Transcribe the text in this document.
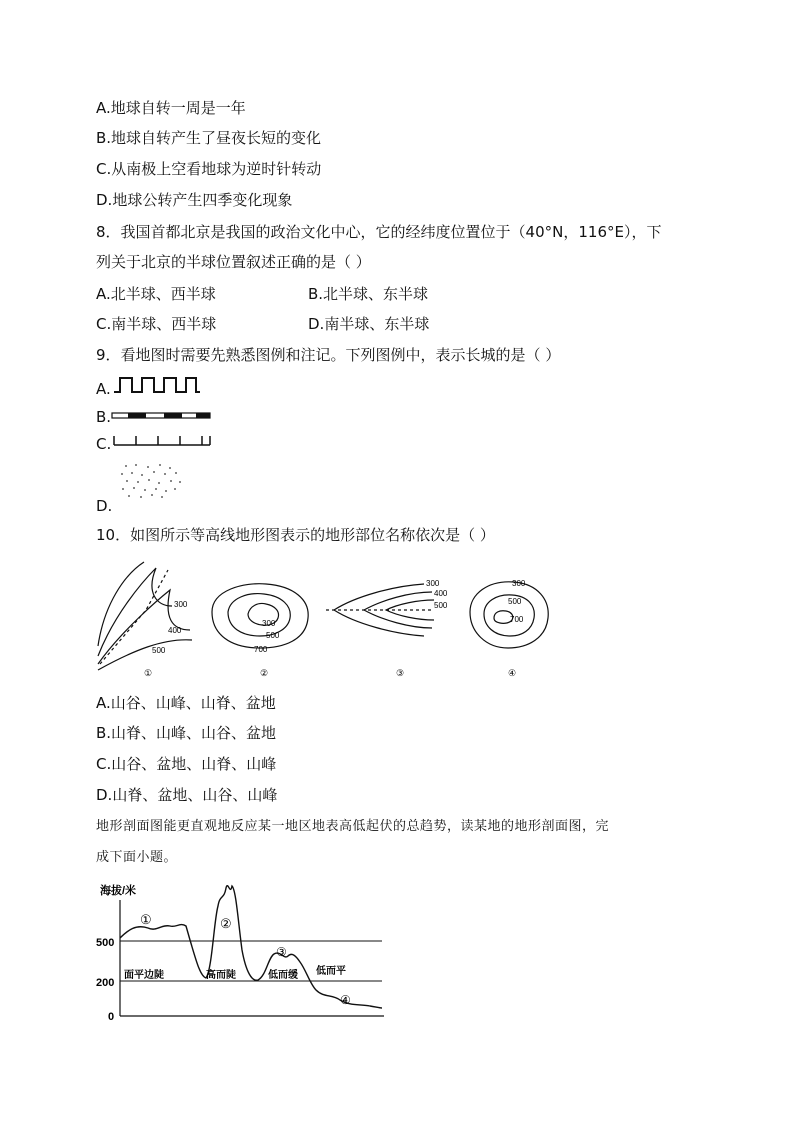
A.地球自转一周是一年
B.地球自转产生了昼夜长短的变化
C.从南极上空看地球为逆时针转动
D.地球公转产生四季变化现象
8．我国首都北京是我国的政治文化中心，它的经纬度位置位于（40°N，116°E），下
列关于北京的半球位置叙述正确的是（ ）
A.北半球、西半球	B.北半球、东半球
C.南半球、西半球	D.南半球、东半球
9．看地图时需要先熟悉图例和注记。下列图例中，表示长城的是（ ）
A.
B.
C.
D.
10．如图所示等高线地形图表示的地形部位名称依次是（ ）
300
400
500
①
300
500
700
②
300
400
500
③
300
500
700
④
A.山谷、山峰、山脊、盆地
B.山脊、山峰、山谷、盆地
C.山谷、盆地、山脊、山峰
D.山脊、盆地、山谷、山峰
地形剖面图能更直观地反应某一地区地表高低起伏的总趋势，读某地的地形剖面图，完
成下面小题。
海拔/米
500
200
0
①	②
③
④
面平边陡	高而陡	低而缓 低而平
